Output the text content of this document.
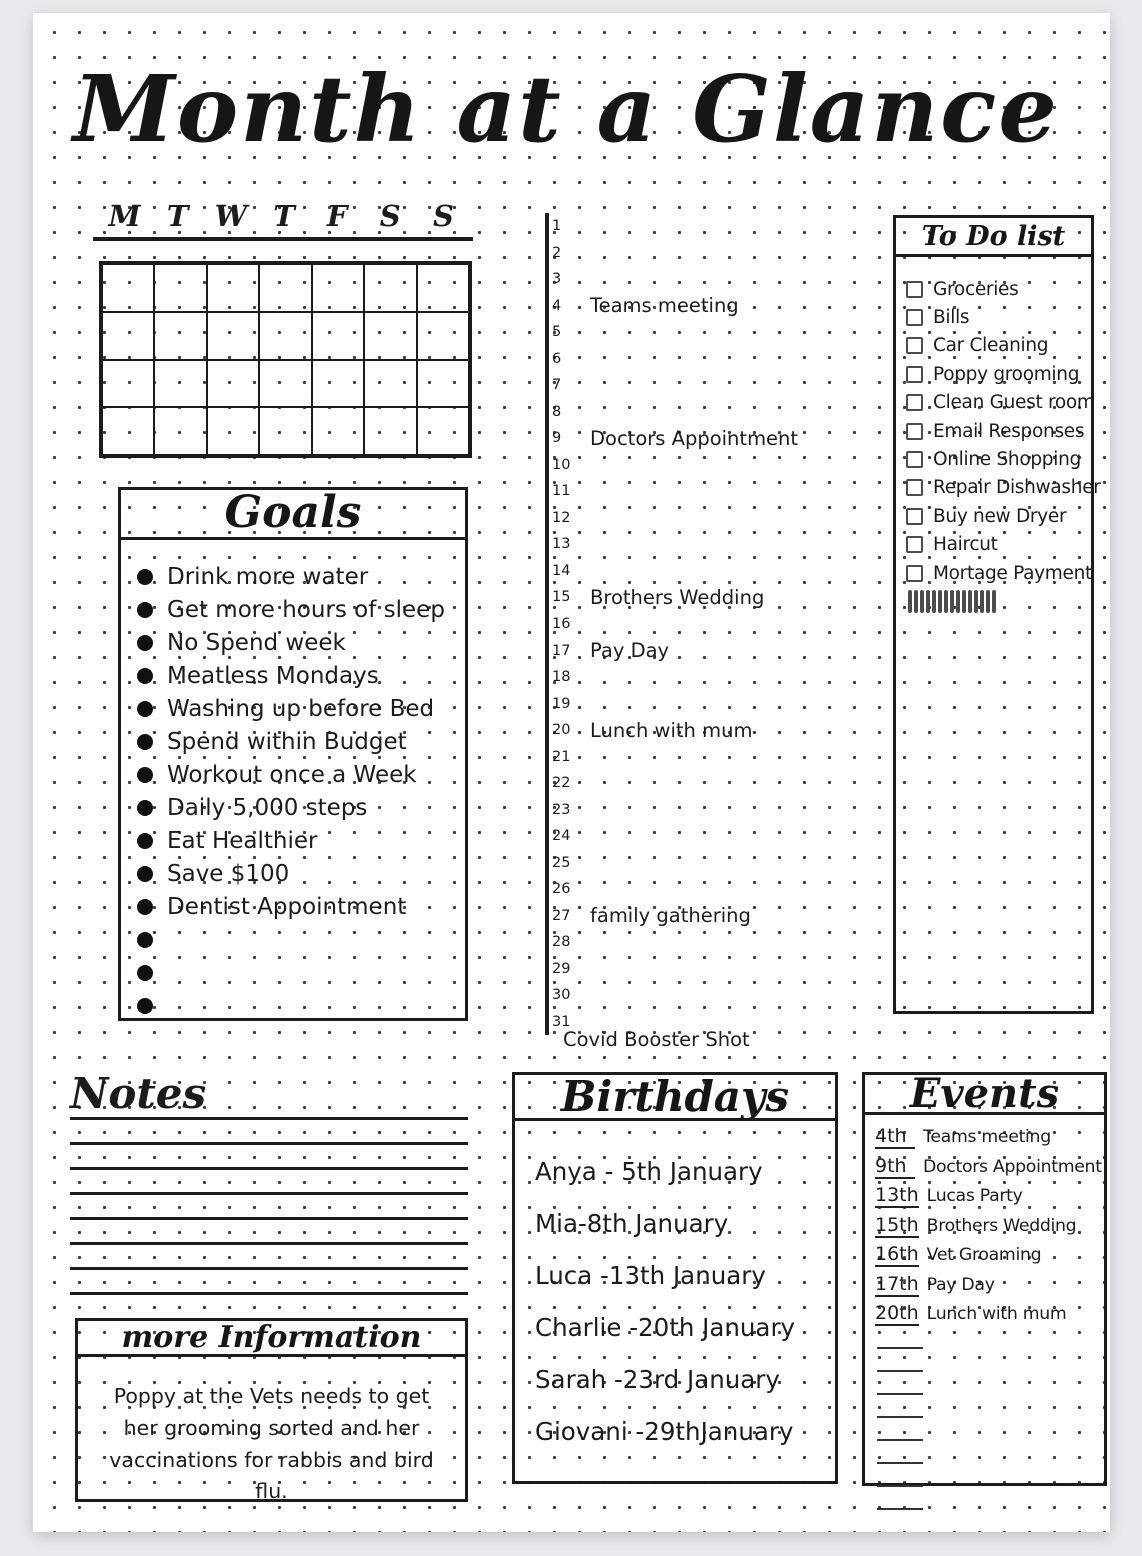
Month at a Glance
M T W T	F	S	S
Goals
Drink more water
Get more hours of sleep
No Spend week
Meatless Mondays
Washing up before Bed
Spend within Budget
Workout once a Week
Daily 5,000 steps
Eat Healthier
Save $100
Dentist Appointment
1
2
3
4	Teams meeting
5
6
7
8
9	Doctors Appointment
10
11
12
13
14
15	Brothers Wedding
16
17	Pay Day
18
19
20	Lunch with mum
21
22
23
24
25
26
27	family gathering
28
29
30
31
Covid Booster Shot
To Do list
Groceries
Bills
Car Cleaning
Poppy grooming
Clean Guest room
Email Responses
Online Shopping
Repair Dishwasher
Buy new Dryer
Haircut
Mortage Payment
Notes
more Information
Poppy at the Vets needs to get her grooming sorted and her vaccinations for rabbis and bird flu.
Birthdays
Anya - 5th January
Mia-8th January
Luca -13th January
Charlie -20th January
Sarah -23rd January
Giovani -29thJanuary
Events
4th Teams meeting
9th Doctors Appointment
13th Lucas Party
15th Brothers Wedding
16th Vet Groaming
17th Pay Day
20th Lunch with mum
